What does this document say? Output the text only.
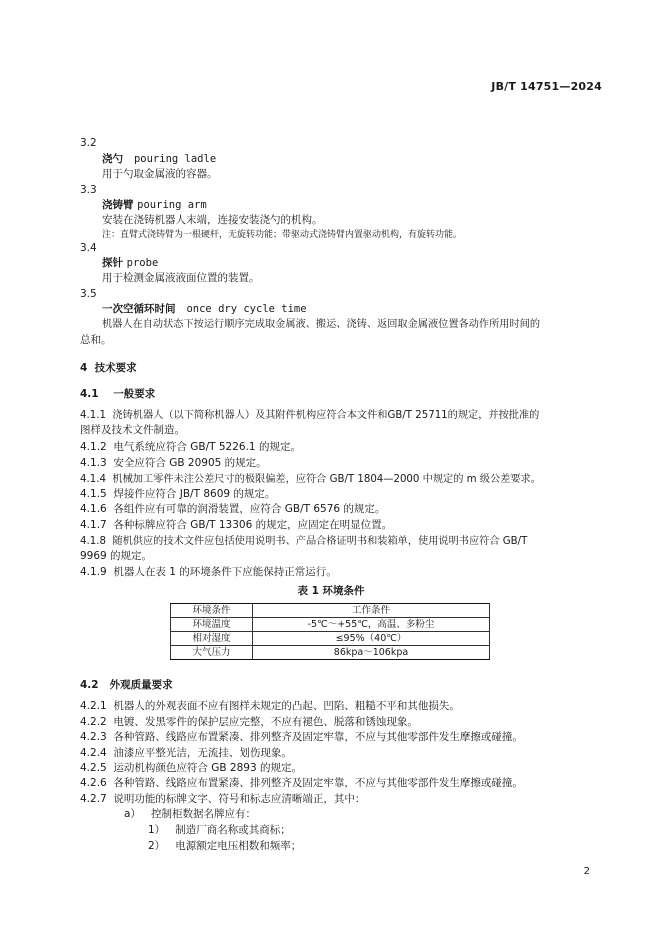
JB/T 14751—2024
3.2
浇勺 pouring ladle
用于勺取金属液的容器。
3.3
浇铸臂 pouring arm
安装在浇铸机器人末端，连接安装浇勺的机构。
注：直臂式浇铸臂为一根硬杆，无旋转功能；带驱动式浇铸臂内置驱动机构，有旋转功能。
3.4
探针 probe
用于检测金属液液面位置的装置。
3.5
一次空循环时间 once dry cycle time
机器人在自动状态下按运行顺序完成取金属液、搬运、浇铸、返回取金属液位置各动作所用时间的
总和。
4 技术要求
4.1 一般要求
4.1.1 浇铸机器人（以下简称机器人）及其附件机构应符合本文件和GB/T 25711的规定，并按批准的
图样及技术文件制造。
4.1.2 电气系统应符合 GB/T 5226.1 的规定。
4.1.3 安全应符合 GB 20905 的规定。
4.1.4 机械加工零件未注公差尺寸的极限偏差，应符合 GB/T 1804—2000 中规定的 m 级公差要求。
4.1.5 焊接件应符合 JB/T 8609 的规定。
4.1.6 各组件应有可靠的润滑装置，应符合 GB/T 6576 的规定。
4.1.7 各种标牌应符合 GB/T 13306 的规定，应固定在明显位置。
4.1.8 随机供应的技术文件应包括使用说明书、产品合格证明书和装箱单，使用说明书应符合 GB/T
9969 的规定。
4.1.9 机器人在表 1 的环境条件下应能保持正常运行。
表 1 环境条件
环境条件	工作条件
环境温度	-5℃～+55℃，高温、多粉尘
相对湿度	≤95%（40℃）
大气压力	86kpa～106kpa
4.2 外观质量要求
4.2.1 机器人的外观表面不应有图样未规定的凸起、凹陷、粗糙不平和其他损失。
4.2.2 电镀、发黑零件的保护层应完整，不应有褪色、脱落和锈蚀现象。
4.2.3 各种管路、线路应布置紧凑、排列整齐及固定牢靠，不应与其他零部件发生摩擦或碰撞。
4.2.4 油漆应平整光洁，无流挂、划伤现象。
4.2.5 运动机构颜色应符合 GB 2893 的规定。
4.2.6 各种管路、线路应布置紧凑、排列整齐及固定牢靠，不应与其他零部件发生摩擦或碰撞。
4.2.7 说明功能的标牌文字、符号和标志应清晰端正，其中：
a） 控制柜数据名牌应有：
1） 制造厂商名称或其商标；
2） 电源额定电压相数和频率；
2
